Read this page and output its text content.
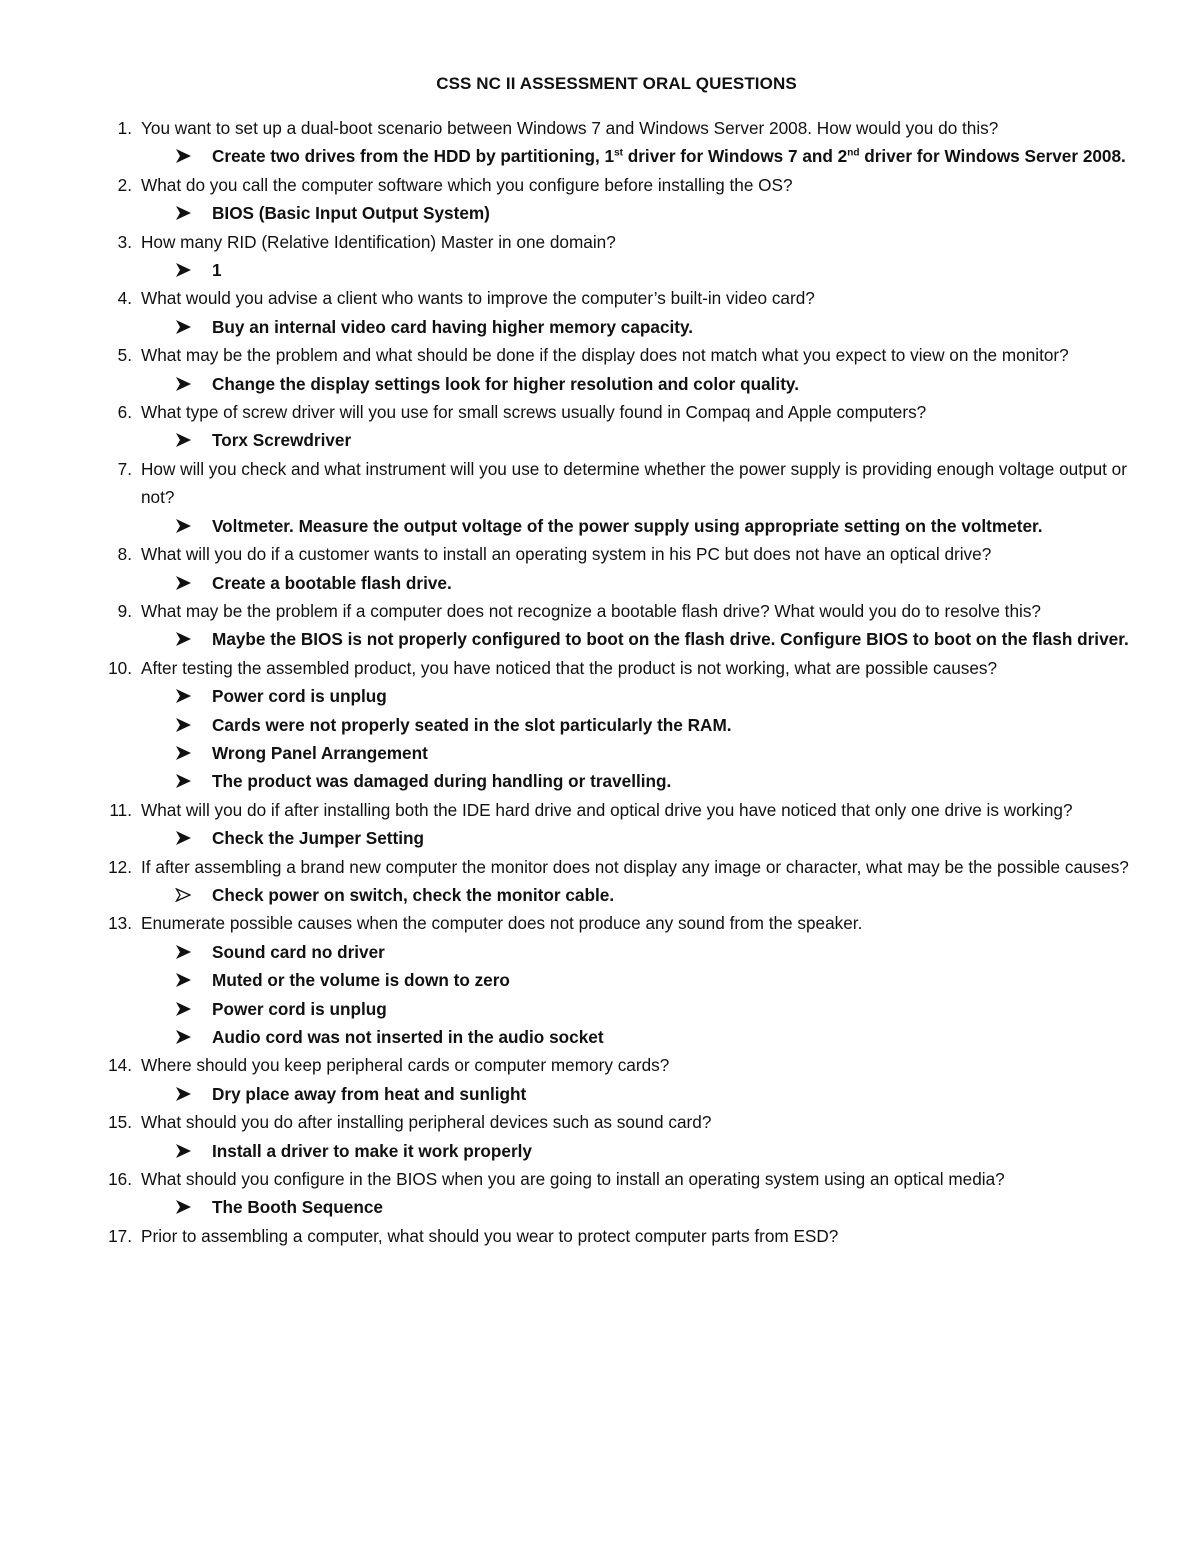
CSS NC II ASSESSMENT ORAL QUESTIONS
1. You want to set up a dual-boot scenario between Windows 7 and Windows Server 2008. How would you do this?
Create two drives from the HDD by partitioning, 1st driver for Windows 7 and 2nd driver for Windows Server 2008.
2. What do you call the computer software which you configure before installing the OS?
BIOS (Basic Input Output System)
3. How many RID (Relative Identification) Master in one domain?
1
4. What would you advise a client who wants to improve the computer’s built-in video card?
Buy an internal video card having higher memory capacity.
5. What may be the problem and what should be done if the display does not match what you expect to view on the monitor?
Change the display settings look for higher resolution and color quality.
6. What type of screw driver will you use for small screws usually found in Compaq and Apple computers?
Torx Screwdriver
7. How will you check and what instrument will you use to determine whether the power supply is providing enough voltage output or not?
Voltmeter. Measure the output voltage of the power supply using appropriate setting on the voltmeter.
8. What will you do if a customer wants to install an operating system in his PC but does not have an optical drive?
Create a bootable flash drive.
9. What may be the problem if a computer does not recognize a bootable flash drive? What would you do to resolve this?
Maybe the BIOS is not properly configured to boot on the flash drive. Configure BIOS to boot on the flash driver.
10. After testing the assembled product, you have noticed that the product is not working, what are possible causes?
Power cord is unplug
Cards were not properly seated in the slot particularly the RAM.
Wrong Panel Arrangement
The product was damaged during handling or travelling.
11. What will you do if after installing both the IDE hard drive and optical drive you have noticed that only one drive is working?
Check the Jumper Setting
12. If after assembling a brand new computer the monitor does not display any image or character, what may be the possible causes?
Check power on switch, check the monitor cable.
13. Enumerate possible causes when the computer does not produce any sound from the speaker.
Sound card no driver
Muted or the volume is down to zero
Power cord is unplug
Audio cord was not inserted in the audio socket
14. Where should you keep peripheral cards or computer memory cards?
Dry place away from heat and sunlight
15. What should you do after installing peripheral devices such as sound card?
Install a driver to make it work properly
16. What should you configure in the BIOS when you are going to install an operating system using an optical media?
The Booth Sequence
17. Prior to assembling a computer, what should you wear to protect computer parts from ESD?
